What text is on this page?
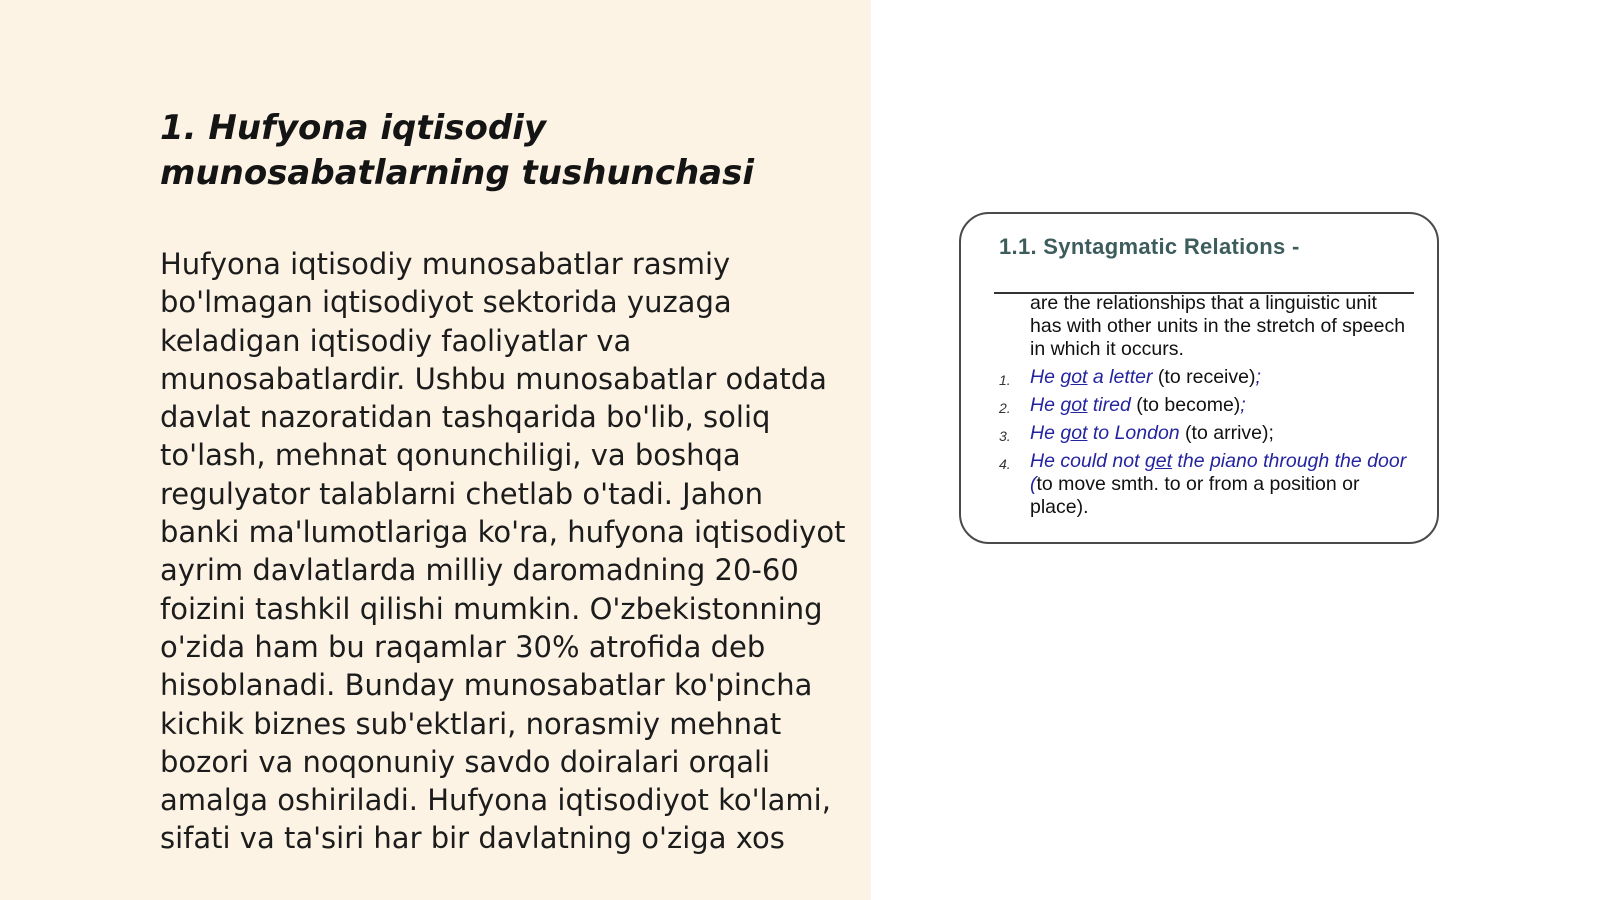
1. Hufyona iqtisodiy munosabatlarning tushunchasi

Hufyona iqtisodiy munosabatlar rasmiy bo'lmagan iqtisodiyot sektorida yuzaga keladigan iqtisodiy faoliyatlar va munosabatlardir. Ushbu munosabatlar odatda davlat nazoratidan tashqarida bo'lib, soliq to'lash, mehnat qonunchiligi, va boshqa regulyator talablarni chetlab o'tadi. Jahon banki ma'lumotlariga ko'ra, hufyona iqtisodiyot ayrim davlatlarda milliy daromadning 20-60 foizini tashkil qilishi mumkin. O'zbekistonning o'zida ham bu raqamlar 30% atrofida deb hisoblanadi. Bunday munosabatlar ko'pincha kichik biznes sub'ektlari, norasmiy mehnat bozori va noqonuniy savdo doiralari orqali amalga oshiriladi. Hufyona iqtisodiyot ko'lami, sifati va ta'siri har bir davlatning o'ziga xos

1.1. Syntagmatic Relations -
are the relationships that a linguistic unit has with other units in the stretch of speech in which it occurs.
1. He got a letter (to receive);
2. He got tired (to become);
3. He got to London (to arrive);
4. He could not get the piano through the door (to move smth. to or from a position or place).
